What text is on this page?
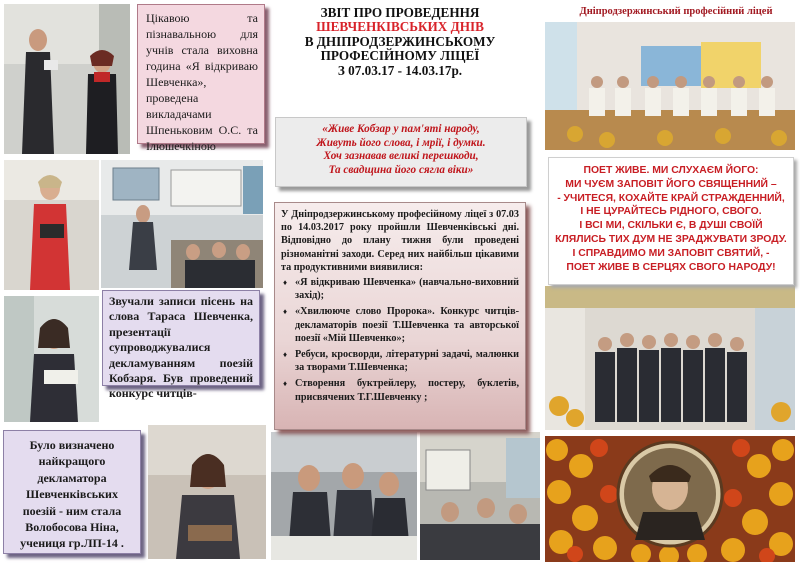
Цікавою та пізнавальною для учнів стала виховна година «Я відкриваю Шевченка», проведена викладачами Шпеньковим О.С. та Ілюшечкіною
Звучали записи пісень на слова Тараса Шевченка, презентації супроводжувалися декламуванням поезій Кобзаря. Був проведений конкурс читців-
Було визначено найкращого декламатора Шевченківських поезій - ним стала Волобосова Ніна, учениця гр.ЛП-14 .
ЗВІТ ПРО ПРОВЕДЕННЯ
ШЕВЧЕНКІВСЬКИХ ДНІВ
В ДНІПРОДЗЕРЖИНСЬКОМУ
ПРОФЕСІЙНОМУ ЛІЦЕЇ
З 07.03.17 - 14.03.17р.
«Живе Кобзар у пам'яті народу,
Живуть його слова, і мрії, і думки.
Хоч зазнавав великі перешкоди,
Та свадщина його сягла віки»
У Дніпродзержинському професійному ліцеї з 07.03 по 14.03.2017 року пройшли Шевченківські дні. Відповідно до плану тижня були проведені різноманітні заходи. Серед них найбільш цікавими та продуктивними виявилися:
♦ «Я відкриваю Шевченка» (навчально-виховний захід);
♦ «Хвилююче слово Пророка». Конкурс читців-декламаторів поезії Т.Шевченка та авторської поезії «Мій Шевченко»;
♦ Ребуси, кросворди, літературні задачі, малюнки за творами Т.Шевченка;
♦ Створення буктрейлеру, постеру, буклетів, присвячених Т.Г.Шевченку ;
Дніпродзержинський професійний ліцей
ПОЕТ ЖИВЕ. МИ СЛУХАЄМ ЙОГО:
МИ ЧУЄМ ЗАПОВІТ ЙОГО СВЯЩЕННИЙ –
- УЧИТЕСЯ, КОХАЙТЕ КРАЙ СТРАЖДЕННИЙ,
І НЕ ЦУРАЙТЕСЬ РІДНОГО, СВОГО.
І ВСІ МИ, СКІЛЬКИ Є, В ДУШІ СВОЇЙ
КЛЯЛИСЬ ТИХ ДУМ НЕ ЗРАДЖУВАТИ ЗРОДУ.
І СПРАВДИМО МИ ЗАПОВІТ СВЯТИЙ, -
ПОЕТ ЖИВЕ В СЕРЦЯХ СВОГО НАРОДУ!
